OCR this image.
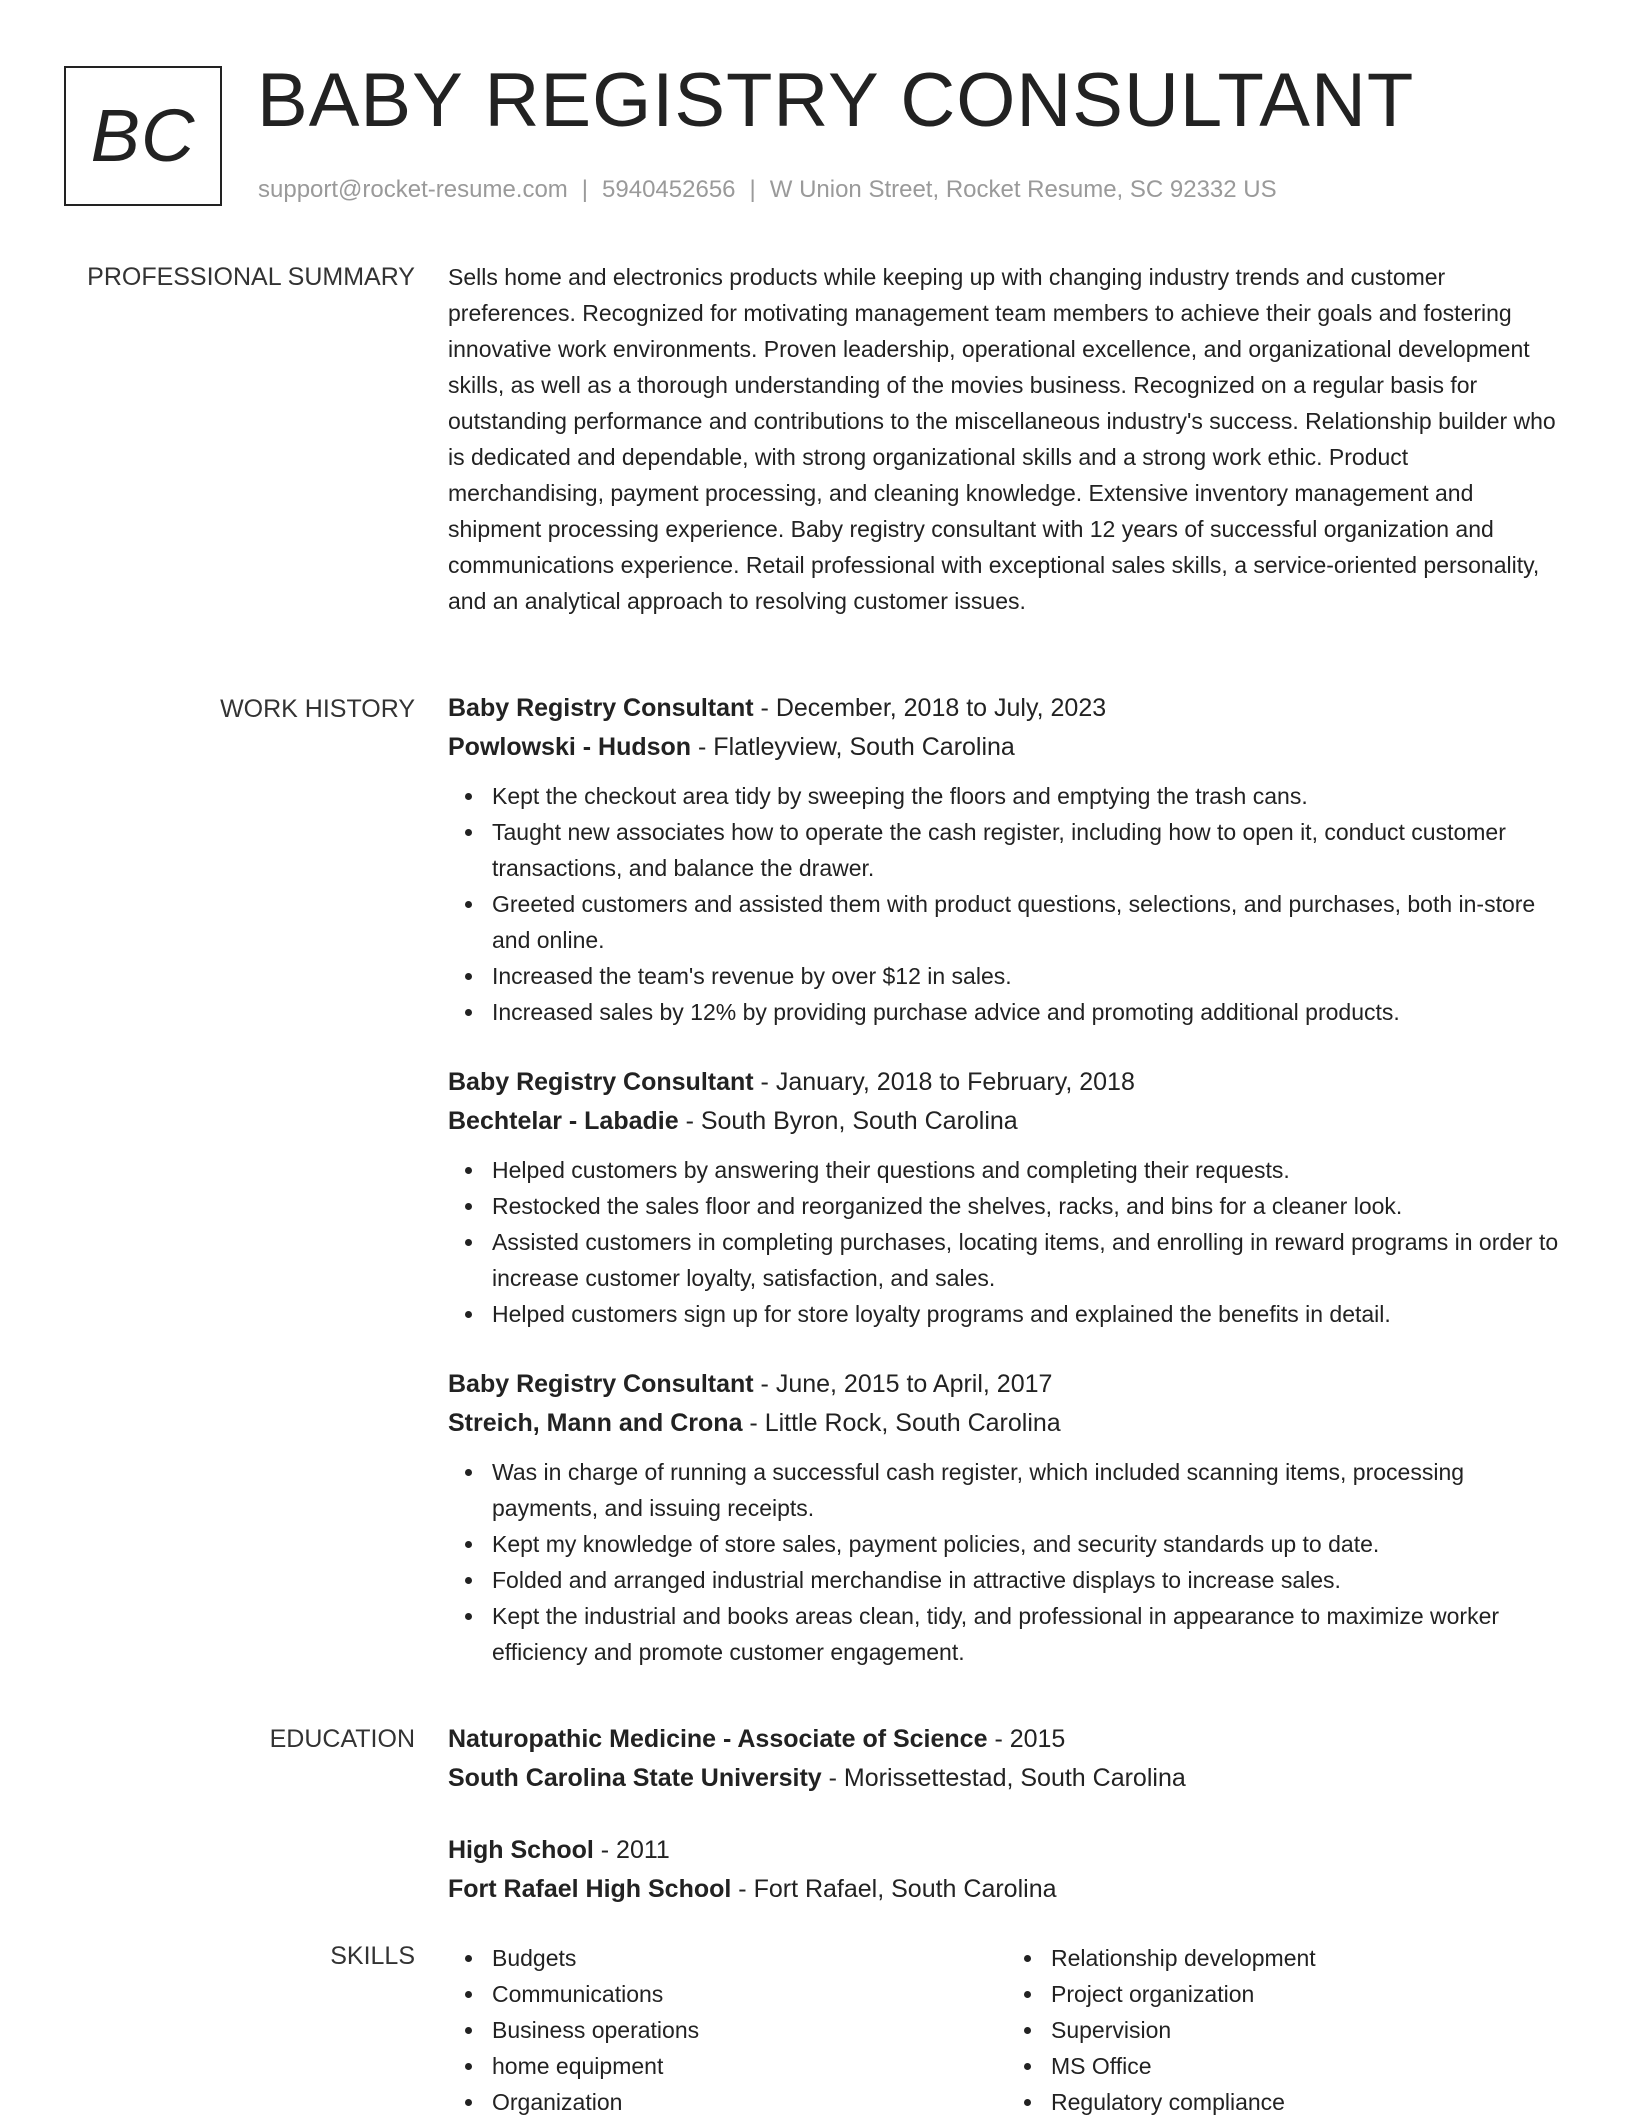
BC BABY REGISTRY CONSULTANT
support@rocket-resume.com | 5940452656 | W Union Street, Rocket Resume, SC 92332 US
PROFESSIONAL SUMMARY Sells home and electronics products while keeping up with changing industry trends and customer preferences. Recognized for motivating management team members to achieve their goals and fostering innovative work environments. Proven leadership, operational excellence, and organizational development skills, as well as a thorough understanding of the movies business. Recognized on a regular basis for outstanding performance and contributions to the miscellaneous industry's success. Relationship builder who is dedicated and dependable, with strong organizational skills and a strong work ethic. Product merchandising, payment processing, and cleaning knowledge. Extensive inventory management and shipment processing experience. Baby registry consultant with 12 years of successful organization and communications experience. Retail professional with exceptional sales skills, a service-oriented personality, and an analytical approach to resolving customer issues.

WORK HISTORY Baby Registry Consultant - December, 2018 to July, 2023
Powlowski - Hudson - Flatleyview, South Carolina
Kept the checkout area tidy by sweeping the floors and emptying the trash cans.
Taught new associates how to operate the cash register, including how to open it, conduct customer transactions, and balance the drawer.
Greeted customers and assisted them with product questions, selections, and purchases, both in-store and online.
Increased the team's revenue by over $12 in sales.
Increased sales by 12% by providing purchase advice and promoting additional products.
Baby Registry Consultant - January, 2018 to February, 2018
Bechtelar - Labadie - South Byron, South Carolina
Helped customers by answering their questions and completing their requests.
Restocked the sales floor and reorganized the shelves, racks, and bins for a cleaner look.
Assisted customers in completing purchases, locating items, and enrolling in reward programs in order to increase customer loyalty, satisfaction, and sales.
Helped customers sign up for store loyalty programs and explained the benefits in detail.
Baby Registry Consultant - June, 2015 to April, 2017
Streich, Mann and Crona - Little Rock, South Carolina
Was in charge of running a successful cash register, which included scanning items, processing payments, and issuing receipts.
Kept my knowledge of store sales, payment policies, and security standards up to date.
Folded and arranged industrial merchandise in attractive displays to increase sales.
Kept the industrial and books areas clean, tidy, and professional in appearance to maximize worker efficiency and promote customer engagement.
EDUCATION Naturopathic Medicine - Associate of Science - 2015
South Carolina State University - Morissettestad, South Carolina
High School - 2011
Fort Rafael High School - Fort Rafael, South Carolina
SKILLS	Budgets
Communications
Business operations
home equipment
Organization
Relationship development
Project organization
Supervision
MS Office
Regulatory compliance
